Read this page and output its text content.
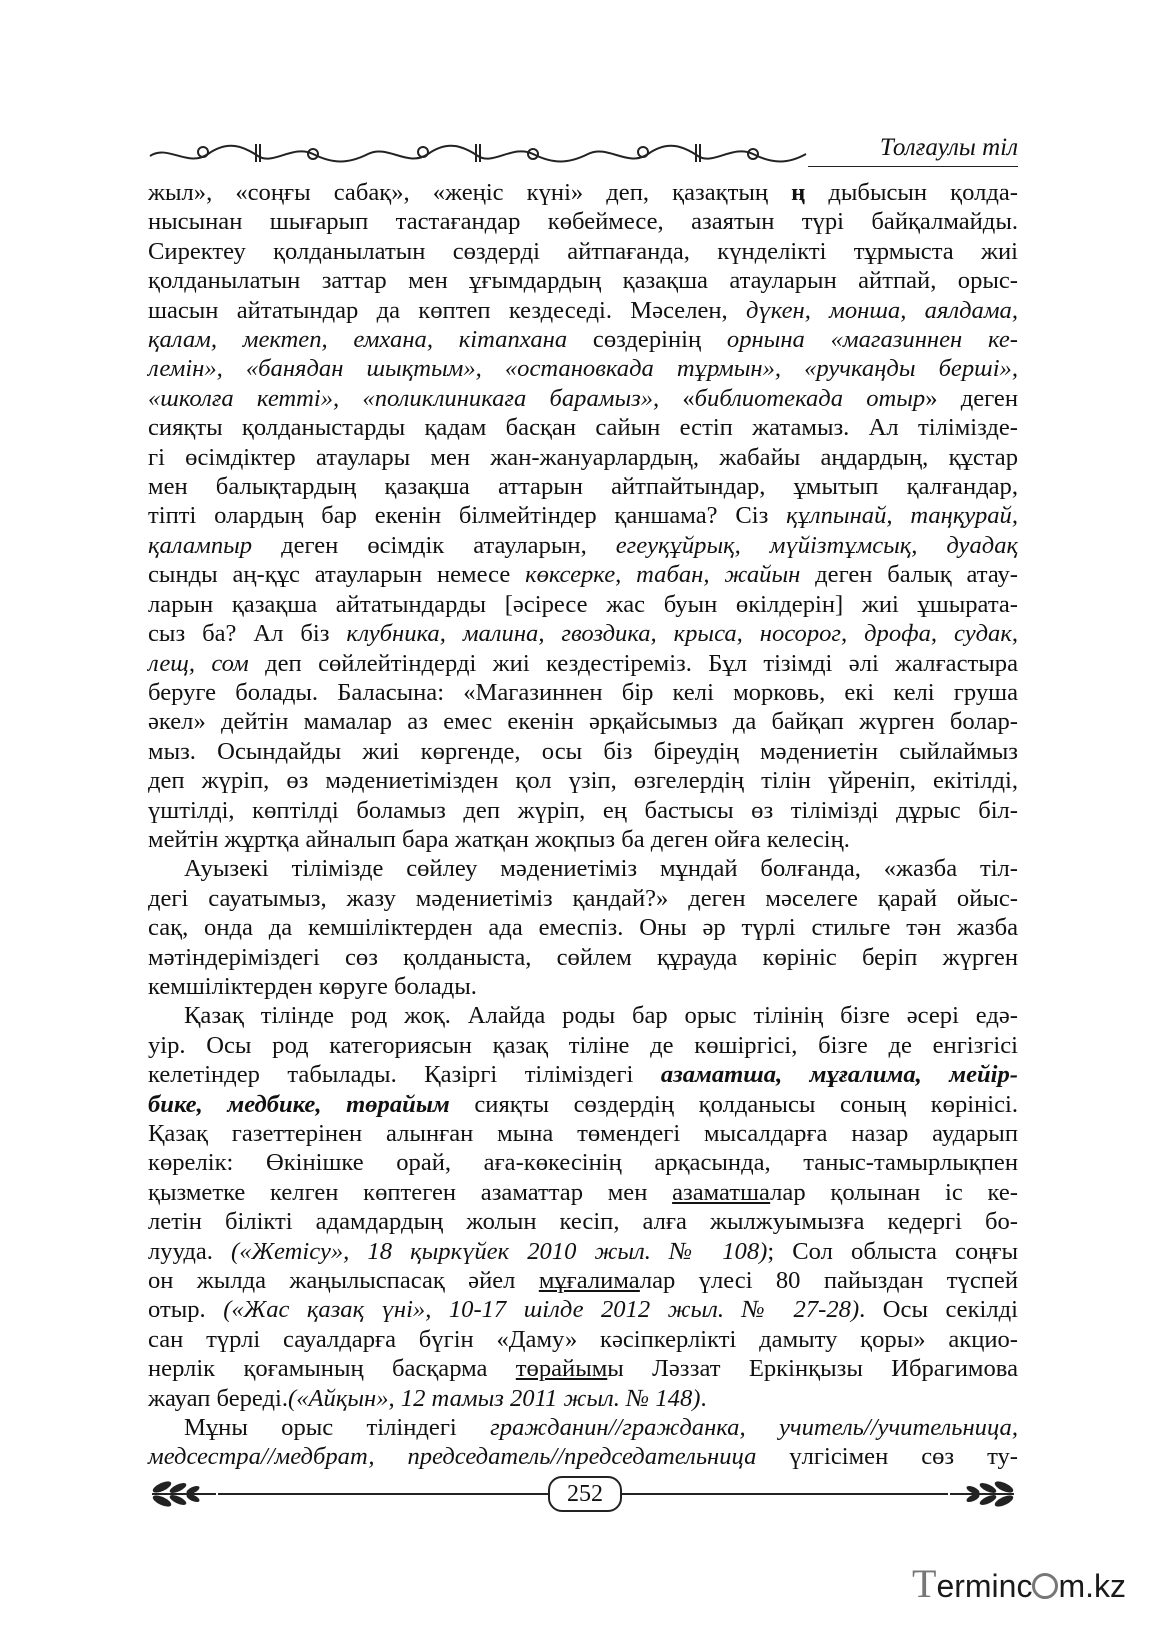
Толғаулы тіл
жыл», «соңғы сабақ», «жеңіс күні» деп, қазақтың ң дыбысын қолда-
нысынан шығарып тастағандар көбеймесе, азаятын түрі байқалмайды.
Сиректеу қолданылатын сөздерді айтпағанда, күнделікті тұрмыста жиі
қолданылатын заттар мен ұғымдардың қазақша атауларын айтпай, орыс-
шасын айтатындар да көптеп кездеседі. Мәселен, дүкен, монша, аялдама,
қалам, мектеп, емхана, кітапхана сөздерінің орнына «магазиннен ке-
лемін», «банядан шықтым», «остановкада тұрмын», «ручкаңды берші»,
«школға кетті», «поликлиникаға барамыз», «библиотекада отыр» деген
сияқты қолданыстарды қадам басқан сайын естіп жатамыз. Ал тілімізде-
гі өсімдіктер атаулары мен жан-жануарлардың, жабайы аңдардың, құстар
мен балықтардың қазақша аттарын айтпайтындар, ұмытып қалғандар,
тіпті олардың бар екенін білмейтіндер қаншама? Сіз құлпынай, таңқурай,
қалампыр деген өсімдік атауларын, егеуқұйрық, мүйізтұмсық, дуадақ
сынды аң-құс атауларын немесе көксерке, табан, жайын деген балық атау-
ларын қазақша айтатындарды [әсіресе жас буын өкілдерін] жиі ұшырата-
сыз ба? Ал біз клубника, малина, гвоздика, крыса, носорог, дрофа, судак,
лещ, сом деп сөйлейтіндерді жиі кездестіреміз. Бұл тізімді әлі жалғастыра
беруге болады. Баласына: «Магазиннен бір келі морковь, екі келі груша
әкел» дейтін мамалар аз емес екенін әрқайсымыз да байқап жүрген болар-
мыз. Осындайды жиі көргенде, осы біз біреудің мәдениетін сыйлаймыз
деп жүріп, өз мәдениетімізден қол үзіп, өзгелердің тілін үйреніп, екітілді,
үштілді, көптілді боламыз деп жүріп, ең бастысы өз тілімізді дұрыс біл-
мейтін жұртқа айналып бара жатқан жоқпыз ба деген ойға келесің.
Ауызекі тілімізде сөйлеу мәдениетіміз мұндай болғанда, «жазба тіл-
дегі сауатымыз, жазу мәдениетіміз қандай?» деген мәселеге қарай ойыс-
сақ, онда да кемшіліктерден ада емеспіз. Оны әр түрлі стильге тән жазба
мәтіндеріміздегі сөз қолданыста, сөйлем құрауда көрініс беріп жүрген
кемшіліктерден көруге болады.
Қазақ тілінде род жоқ. Алайда роды бар орыс тілінің бізге әсері едә-
уір. Осы род категориясын қазақ тіліне де көшіргісі, бізге де енгізгісі
келетіндер табылады. Қазіргі тіліміздегі азаматша, мұғалима, мейір-
бике, медбике, төрайым сияқты сөздердің қолданысы соның көрінісі.
Қазақ газеттерінен алынған мына төмендегі мысалдарға назар аударып
көрелік: Өкінішке орай, аға-көкесінің арқасында, таныс-тамырлықпен
қызметке келген көптеген азаматтар мен азаматшалар қолынан іс ке-
летін білікті адамдардың жолын кесіп, алға жылжуымызға кедергі бо-
лууда. («Жетісу», 18 қыркүйек 2010 жыл. № 108); Сол облыста соңғы
он жылда жаңылыспасақ әйел мұғалималар үлесі 80 пайыздан түспей
отыр. («Жас қазақ үні», 10-17 шілде 2012 жыл. № 27-28). Осы секілді
сан түрлі сауалдарға бүгін «Даму» кәсіпкерлікті дамыту қоры» акцио-
нерлік қоғамының басқарма төрайымы Ләззат Еркінқызы Ибрагимова
жауап береді.(«Айқын», 12 тамыз 2011 жыл. № 148).
Мұны орыс тіліндегі гражданин//гражданка, учитель//учительница,
медсестра//медбрат, председатель//председательница үлгісімен сөз ту-
252
Terminc m.kz
